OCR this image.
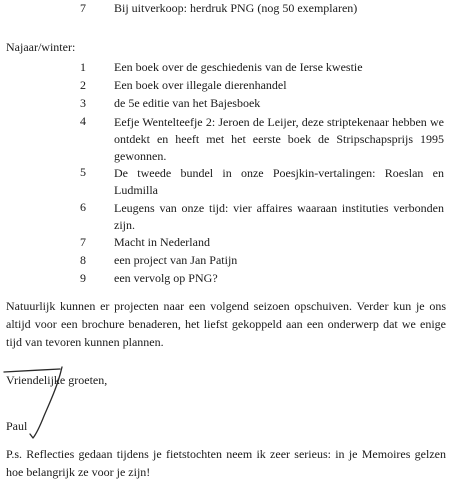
7	Bij uitverkoop: herdruk PNG (nog 50 exemplaren)
Najaar/winter:
1	Een boek over de geschiedenis van de Ierse kwestie
2	Een boek over illegale dierenhandel
3	de 5e editie van het Bajesboek
4	Eefje Wentelteefje 2: Jeroen de Leijer, deze striptekenaar hebben we ontdekt en heeft met het eerste boek de Stripschapsprijs 1995 gewonnen.
5	De tweede bundel in onze Poesjkin-vertalingen: Roeslan en Ludmilla
6	Leugens van onze tijd: vier affaires waaraan instituties verbonden zijn.
7	Macht in Nederland
8	een project van Jan Patijn
9	een vervolg op PNG?
Natuurlijk kunnen er projecten naar een volgend seizoen opschuiven. Verder kun je ons altijd voor een brochure benaderen, het liefst gekoppeld aan een onderwerp dat we enige tijd van tevoren kunnen plannen.
Vriendelijke groeten,
Paul
P.s. Reflecties gedaan tijdens je fietstochten neem ik zeer serieus: in je Memoires gelzen hoe belangrijk ze voor je zijn!
